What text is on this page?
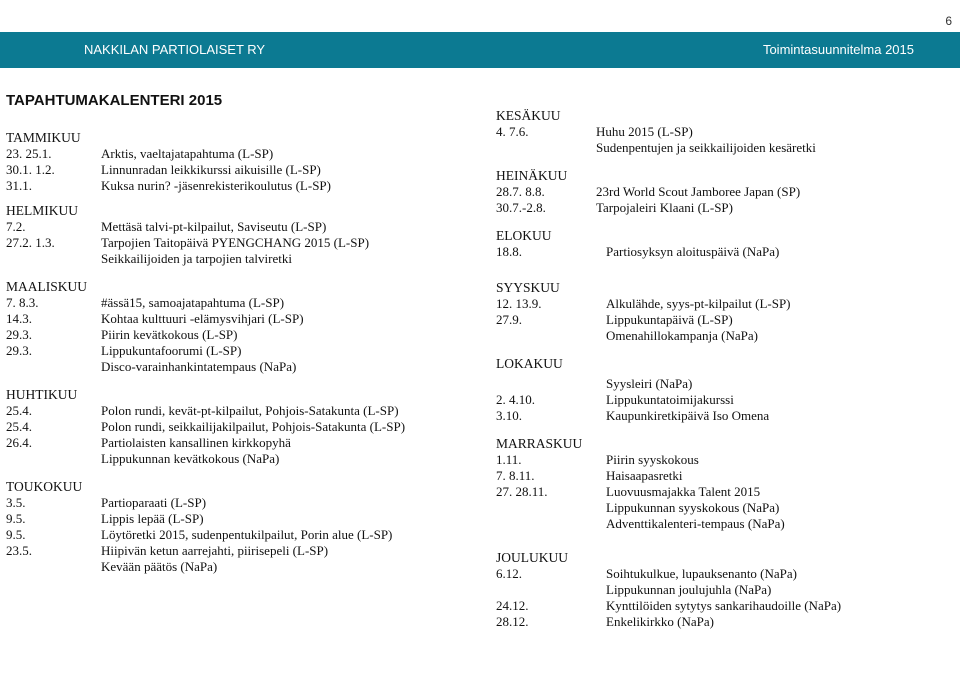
6
NAKKILAN PARTIOLAISET RY	Toimintasuunnitelma 2015
TAPAHTUMAKALENTERI 2015
TAMMIKUU
23. 25.1.	Arktis, vaeltajatapahtuma (L-SP)
30.1. 1.2.	Linnunradan leikkikurssi aikuisille (L-SP)
31.1.	Kuksa nurin? -jäsenrekisterikoulutus (L-SP)
HELMIKUU
7.2.	Mettäsä talvi-pt-kilpailut, Saviseutu (L-SP)
27.2. 1.3.	Tarpojien Taitopäivä PYENGCHANG 2015 (L-SP)
Seikkailijoiden ja tarpojien talviretki
MAALISKUU
7. 8.3.	#ässä15, samoajatapahtuma (L-SP)
14.3.	Kohtaa kulttuuri -elämysvihjari (L-SP)
29.3.	Piirin kevätkokous (L-SP)
29.3.	Lippukuntafoorumi (L-SP)
Disco-varainhankintatempaus (NaPa)
HUHTIKUU
25.4.	Polon rundi, kevät-pt-kilpailut, Pohjois-Satakunta (L-SP)
25.4.	Polon rundi, seikkailijakilpailut, Pohjois-Satakunta (L-SP)
26.4.	Partiolaisten kansallinen kirkkopyhä
Lippukunnan kevätkokous (NaPa)
TOUKOKUU
3.5.	Partioparaati (L-SP)
9.5.	Lippis lepää (L-SP)
9.5.	Löytöretki 2015, sudenpentukilpailut, Porin alue (L-SP)
23.5.	Hiipivän ketun aarrejahti, piirisepeli (L-SP)
Kevään päätös (NaPa)
KESÄKUU
4. 7.6.	Huhu 2015 (L-SP)
Sudenpentujen ja seikkailijoiden kesäretki
HEINÄKUU
28.7. 8.8.	23rd World Scout Jamboree Japan (SP)
30.7.-2.8.	Tarpojaleiri Klaani (L-SP)
ELOKUU
18.8.	Partiosyksyn aloituspäivä (NaPa)
SYYSKUU
12. 13.9.	Alkulähde, syys-pt-kilpailut (L-SP)
27.9.	Lippukuntapäivä (L-SP)
Omenahillokampanja (NaPa)
LOKAKUU
Syysleiri (NaPa)
2. 4.10.	Lippukuntatoimijakurssi
3.10.	Kaupunkiretkipäivä Iso Omena
MARRASKUU
1.11.	Piirin syyskokous
7. 8.11.	Haisaapasretki
27. 28.11.	Luovuusmajakka Talent 2015
Lippukunnan syyskokous (NaPa)
Adventtikalenteri-tempaus (NaPa)
JOULUKUU
6.12.	Soihtukulkue, lupauksenanto (NaPa)
Lippukunnan joulujuhla (NaPa)
24.12.	Kynttilöiden sytytys sankarihaudoille (NaPa)
28.12.	Enkelikirkko (NaPa)
